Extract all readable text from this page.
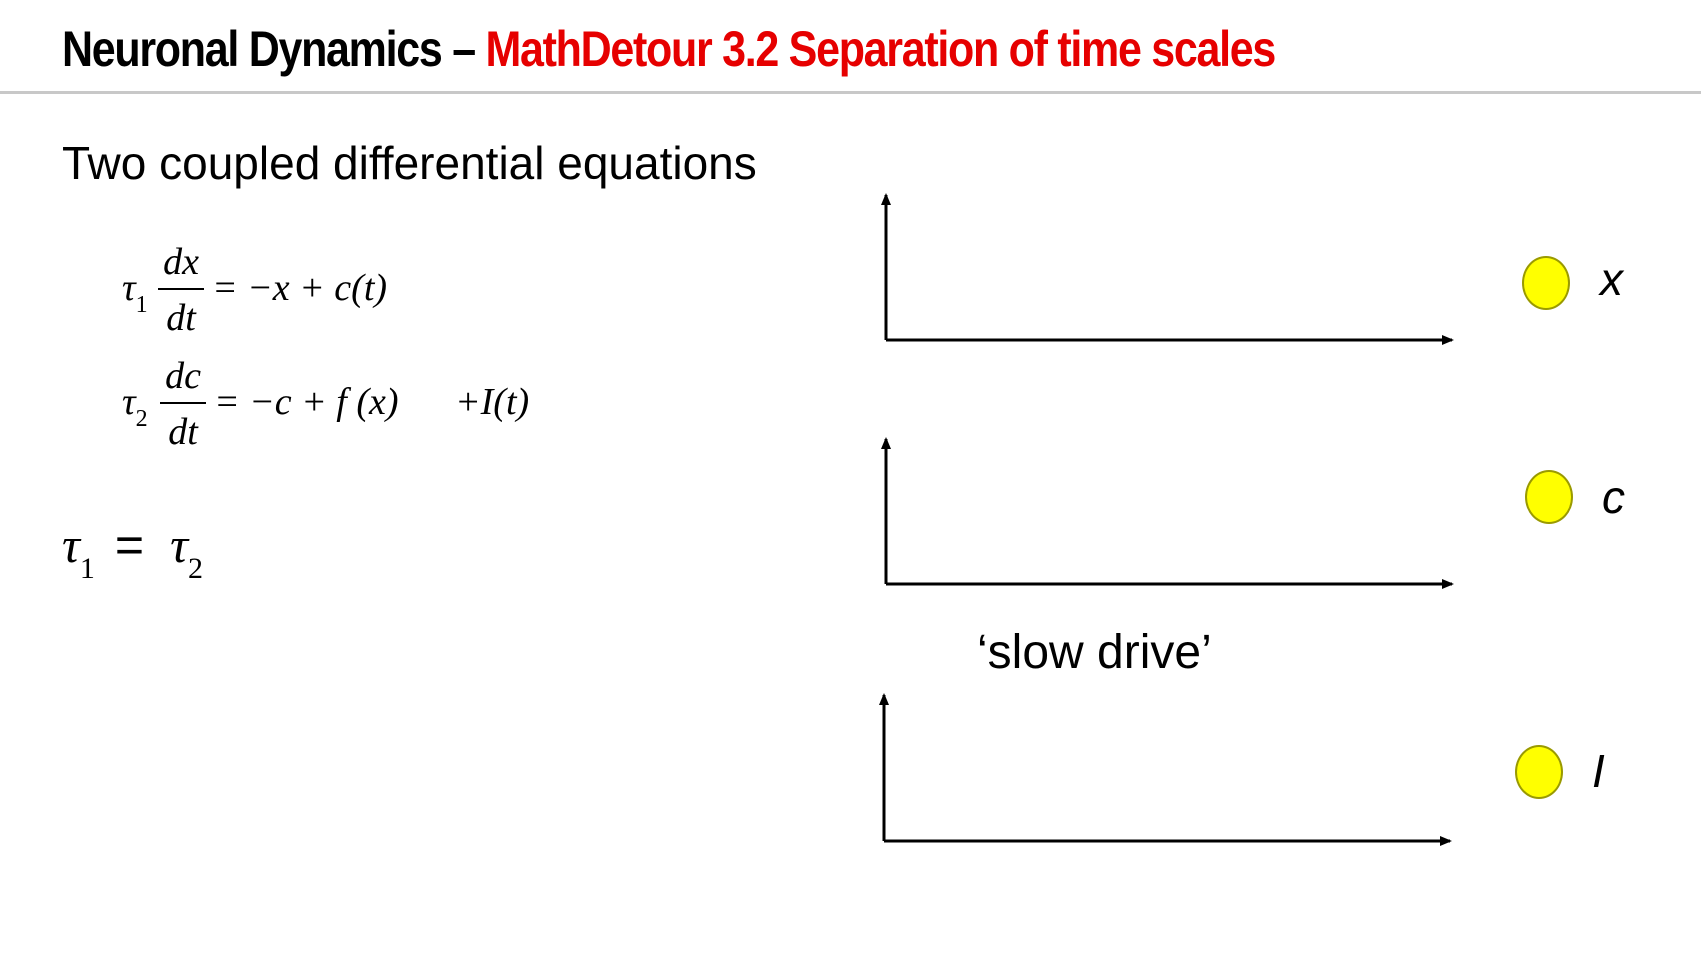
Neuronal Dynamics – MathDetour 3.2 Separation of time scales
Two coupled differential equations
$\tau_1$
dx
dt
= −x + c(t)
$\tau_2$
dc
dt
= −c + f (x) +I(t)
$\tau_1 = \tau_2$
‘slow drive’
x
c
I
